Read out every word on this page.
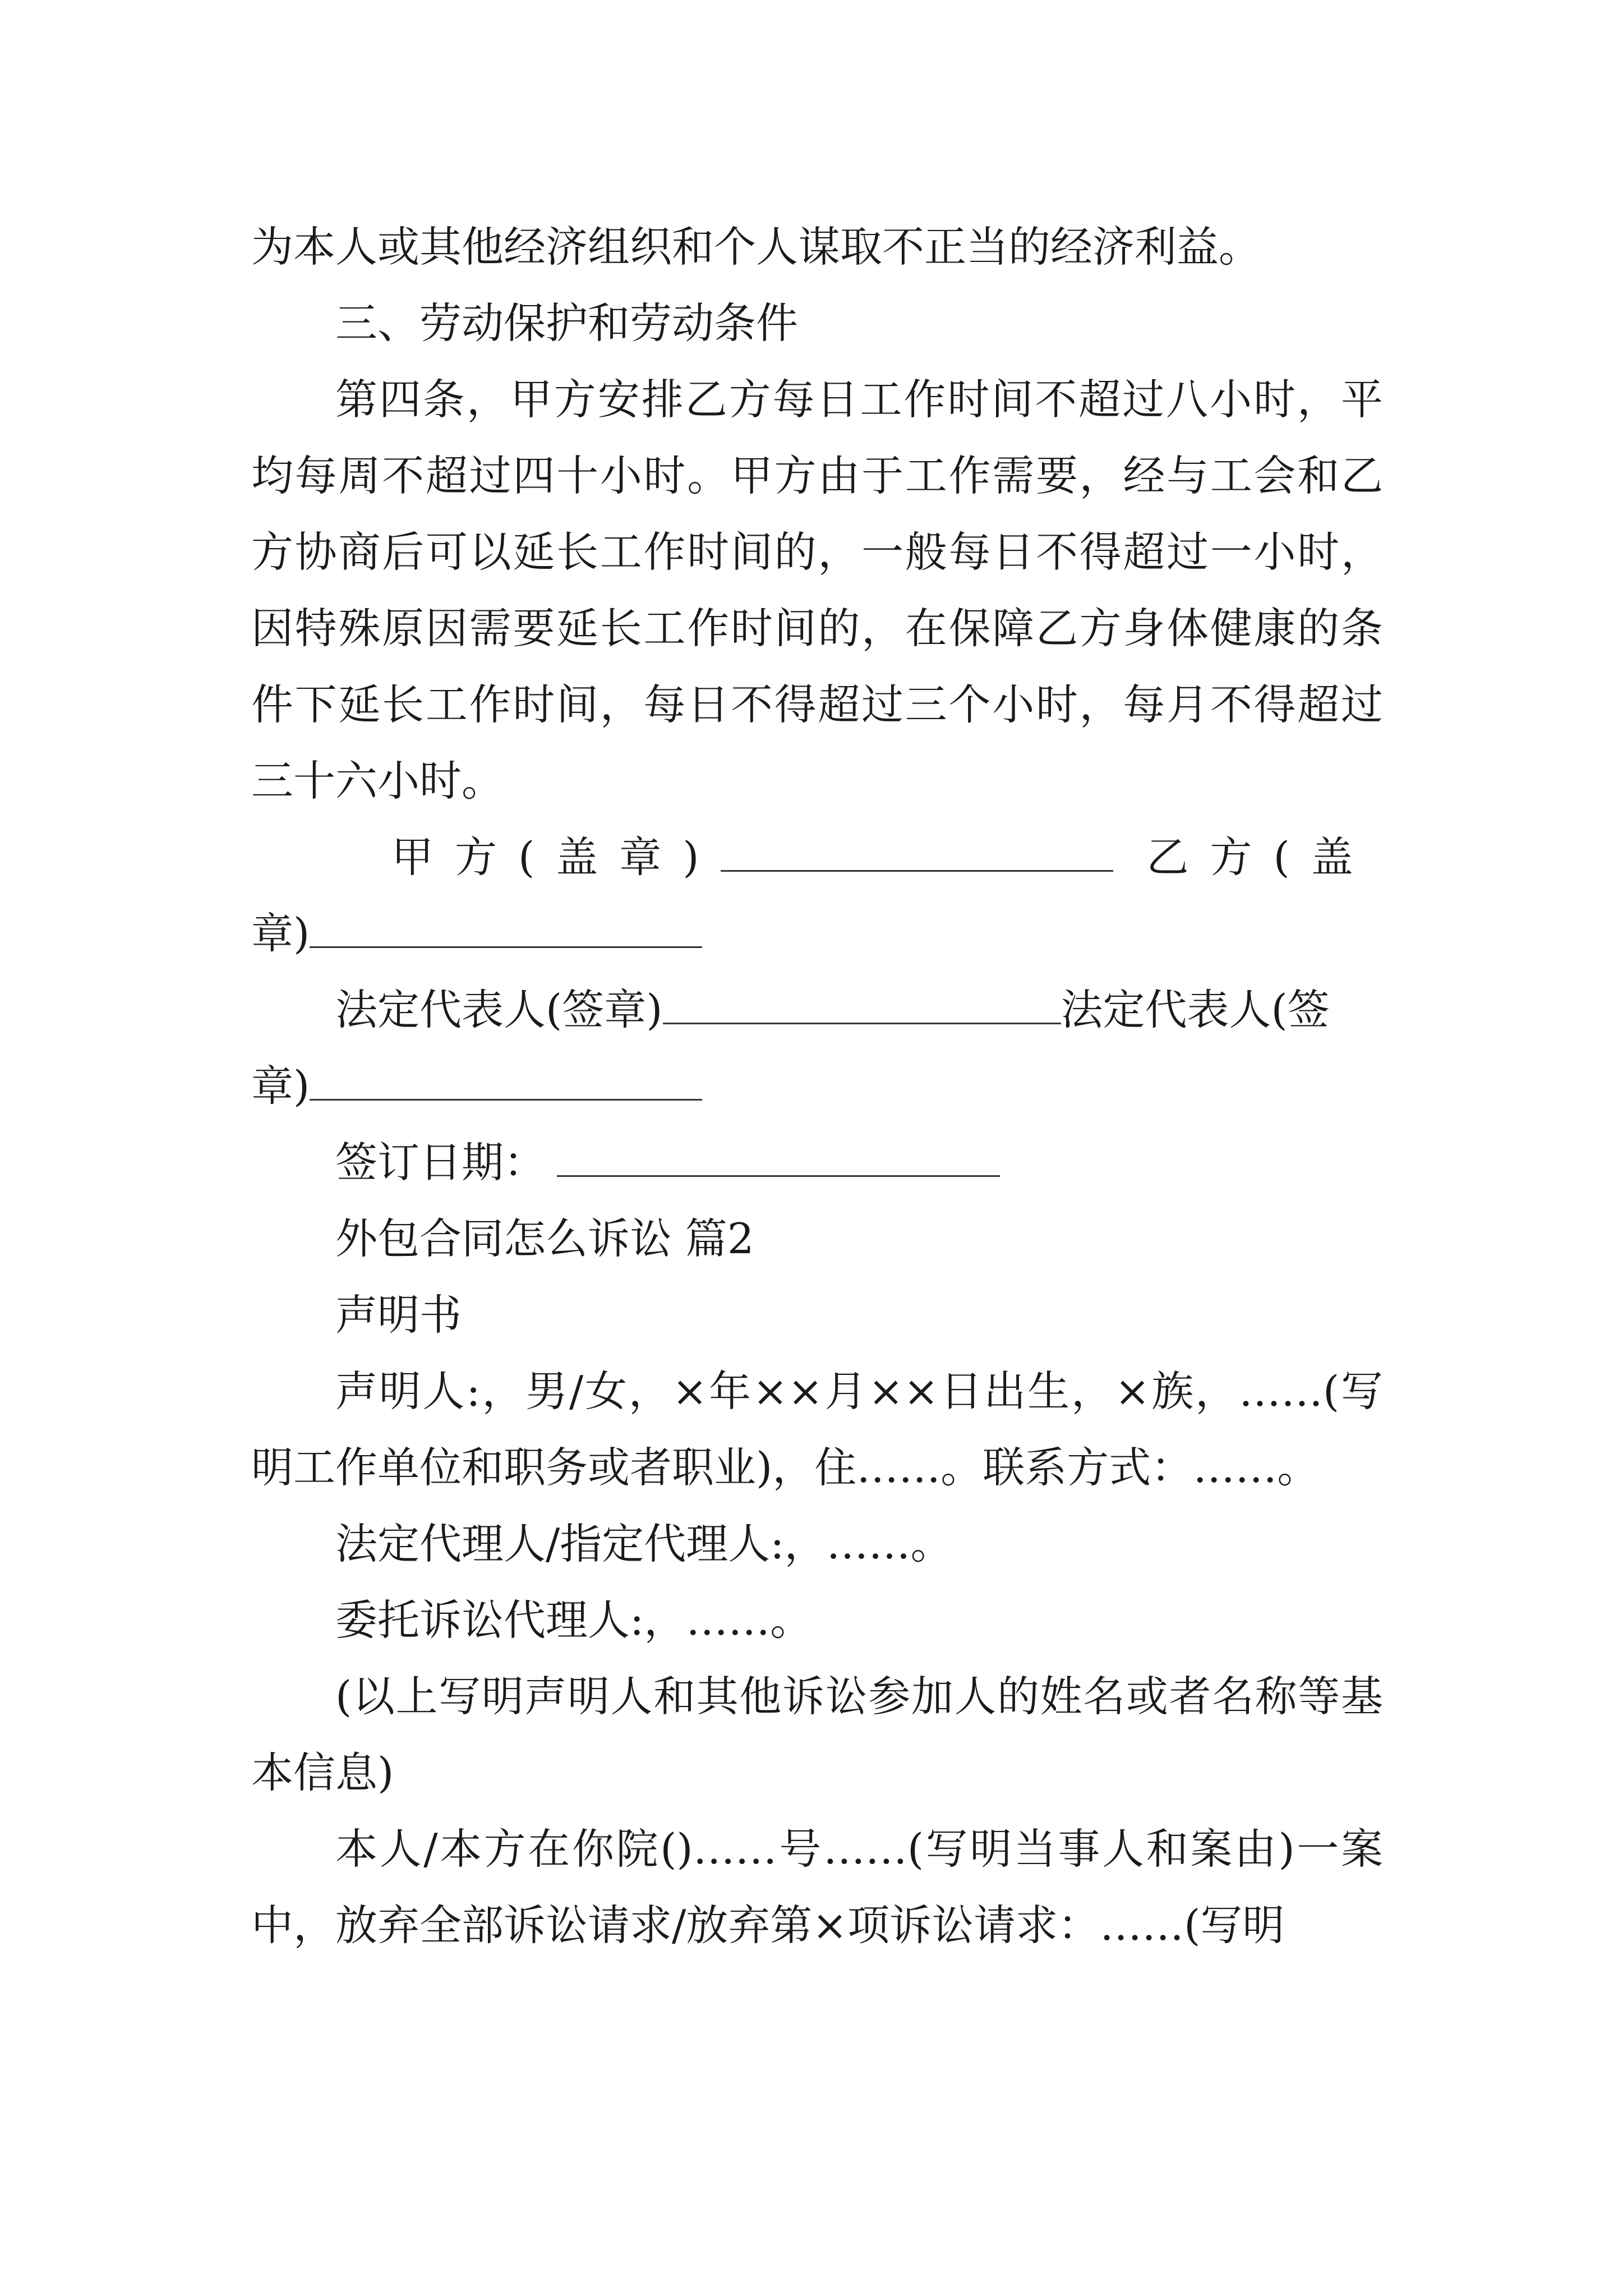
为本人或其他经济组织和个人谋取不正当的经济利益。

三、劳动保护和劳动条件

第四条，甲方安排乙方每日工作时间不超过八小时，平均每周不超过四十小时。甲方由于工作需要，经与工会和乙方协商后可以延长工作时间的，一般每日不得超过一小时，因特殊原因需要延长工作时间的，在保障乙方身体健康的条件下延长工作时间，每日不得超过三个小时，每月不得超过三十六小时。

甲方(盖章)	乙方(盖

章)

法定代表人(签章)	法定代表人(签

章)

签订日期：

外包合同怎么诉讼 篇2

声明书

声明人:，男/女，×年××月××日出生，×族，……(写明工作单位和职务或者职业)，住……。联系方式：……。

法定代理人/指定代理人:，……。

委托诉讼代理人:，……。

(以上写明声明人和其他诉讼参加人的姓名或者名称等基本信息)

本人/本方在你院()……号……(写明当事人和案由)一案中，放弃全部诉讼请求/放弃第×项诉讼请求：……(写明
